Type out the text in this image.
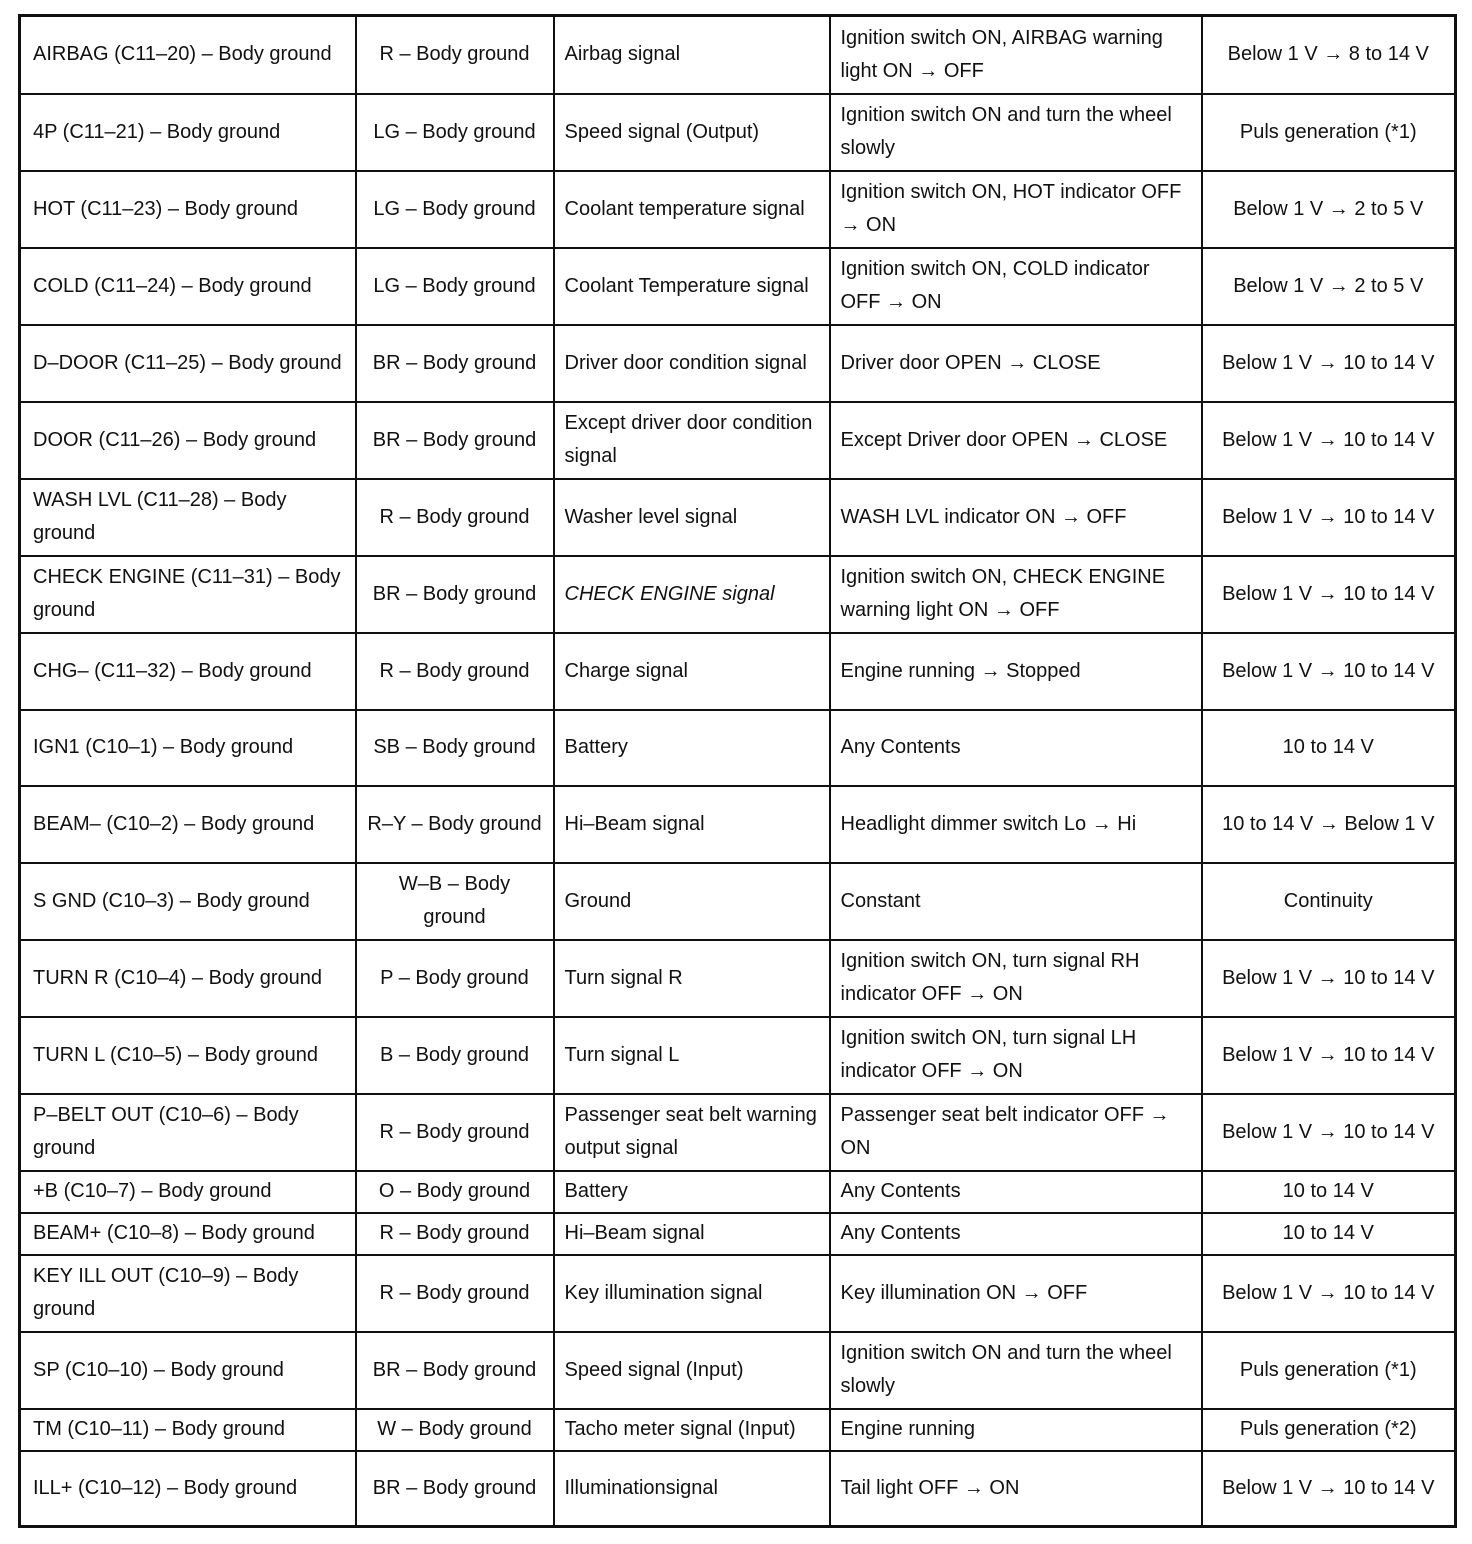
AIRBAG (C11–20) – Body ground	R – Body ground	Airbag signal	Ignition switch ON, AIRBAG warning light ON → OFF	Below 1 V → 8 to 14 V
4P (C11–21) – Body ground	LG – Body ground	Speed signal (Output)	Ignition switch ON and turn the wheel slowly	Puls generation (*1)
HOT (C11–23) – Body ground	LG – Body ground	Coolant temperature signal	Ignition switch ON, HOT indicator OFF → ON	Below 1 V → 2 to 5 V
COLD (C11–24) – Body ground	LG – Body ground	Coolant Temperature signal	Ignition switch ON, COLD indicator OFF → ON	Below 1 V → 2 to 5 V
D–DOOR (C11–25) – Body ground	BR – Body ground	Driver door condition signal	Driver door OPEN → CLOSE	Below 1 V → 10 to 14 V
DOOR (C11–26) – Body ground	BR – Body ground	Except driver door condition signal	Except Driver door OPEN → CLOSE	Below 1 V → 10 to 14 V
WASH LVL (C11–28) – Body ground	R – Body ground	Washer level signal	WASH LVL indicator ON → OFF	Below 1 V → 10 to 14 V
CHECK ENGINE (C11–31) – Body ground	BR – Body ground	CHECK ENGINE signal	Ignition switch ON, CHECK ENGINE warning light ON → OFF	Below 1 V → 10 to 14 V
CHG– (C11–32) – Body ground	R – Body ground	Charge signal	Engine running → Stopped	Below 1 V → 10 to 14 V
IGN1 (C10–1) – Body ground	SB – Body ground	Battery	Any Contents	10 to 14 V
BEAM– (C10–2) – Body ground	R–Y – Body ground	Hi–Beam signal	Headlight dimmer switch Lo → Hi	10 to 14 V → Below 1 V
S GND (C10–3) – Body ground	W–B – Body ground	Ground	Constant	Continuity
TURN R (C10–4) – Body ground	P – Body ground	Turn signal R	Ignition switch ON, turn signal RH indicator OFF → ON	Below 1 V → 10 to 14 V
TURN L (C10–5) – Body ground	B – Body ground	Turn signal L	Ignition switch ON, turn signal LH indicator OFF → ON	Below 1 V → 10 to 14 V
P–BELT OUT (C10–6) – Body ground	R – Body ground	Passenger seat belt warning output signal	Passenger seat belt indicator OFF → ON	Below 1 V → 10 to 14 V
+B (C10–7) – Body ground	O – Body ground	Battery	Any Contents	10 to 14 V
BEAM+ (C10–8) – Body ground	R – Body ground	Hi–Beam signal	Any Contents	10 to 14 V
KEY ILL OUT (C10–9) – Body ground	R – Body ground	Key illumination signal	Key illumination ON → OFF	Below 1 V → 10 to 14 V
SP (C10–10) – Body ground	BR – Body ground	Speed signal (Input)	Ignition switch ON and turn the wheel slowly	Puls generation (*1)
TM (C10–11) – Body ground	W – Body ground	Tacho meter signal (Input)	Engine running	Puls generation (*2)
ILL+ (C10–12) – Body ground	BR – Body ground	Illuminationsignal	Tail light OFF → ON	Below 1 V → 10 to 14 V
